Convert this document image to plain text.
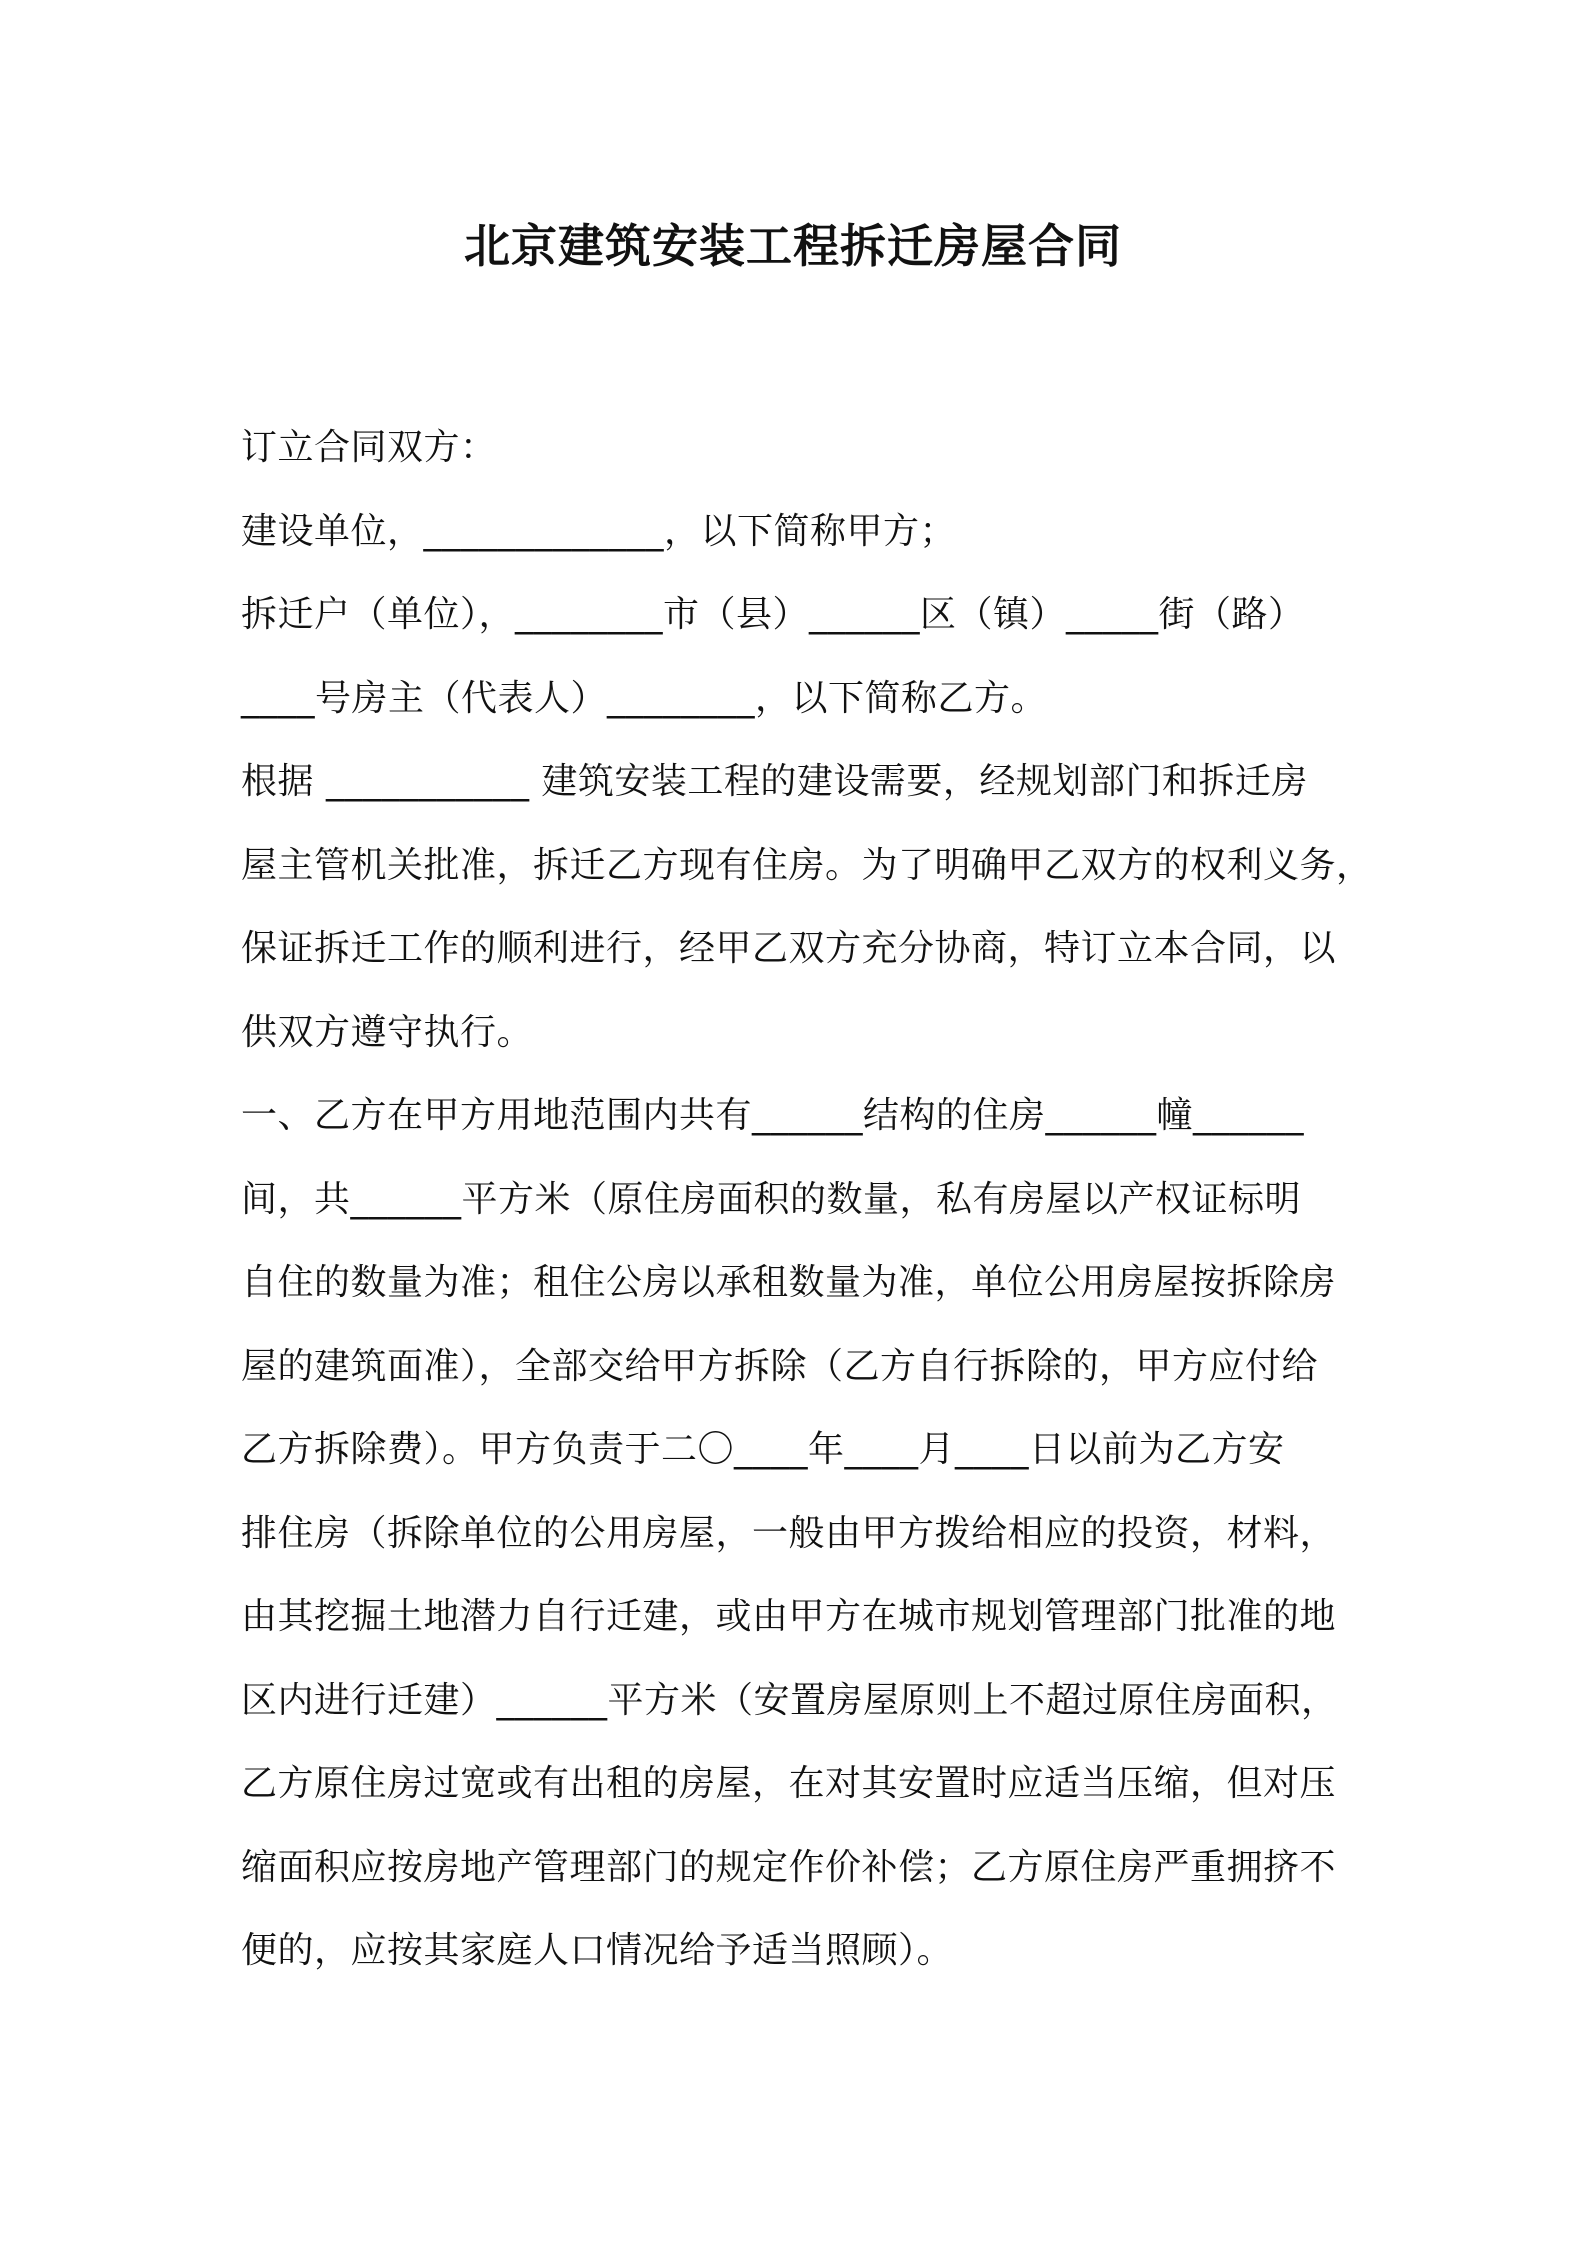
北京建筑安装工程拆迁房屋合同
订立合同双方：
建设单位，_____________，以下简称甲方；
拆迁户（单位），________市（县）______区（镇）_____街（路）
____号房主（代表人）________，以下简称乙方。
根据 ___________ 建筑安装工程的建设需要，经规划部门和拆迁房
屋主管机关批准，拆迁乙方现有住房。为了明确甲乙双方的权利义务，
保证拆迁工作的顺利进行，经甲乙双方充分协商，特订立本合同，以
供双方遵守执行。
一、乙方在甲方用地范围内共有______结构的住房______幢______
间，共______平方米（原住房面积的数量，私有房屋以产权证标明
自住的数量为准；租住公房以承租数量为准，单位公用房屋按拆除房
屋的建筑面准），全部交给甲方拆除（乙方自行拆除的，甲方应付给
乙方拆除费）。甲方负责于二〇____年____月____日以前为乙方安
排住房（拆除单位的公用房屋，一般由甲方拨给相应的投资，材料，
由其挖掘土地潜力自行迁建，或由甲方在城市规划管理部门批准的地
区内进行迁建）______平方米（安置房屋原则上不超过原住房面积，
乙方原住房过宽或有出租的房屋，在对其安置时应适当压缩，但对压
缩面积应按房地产管理部门的规定作价补偿；乙方原住房严重拥挤不
便的，应按其家庭人口情况给予适当照顾）。
